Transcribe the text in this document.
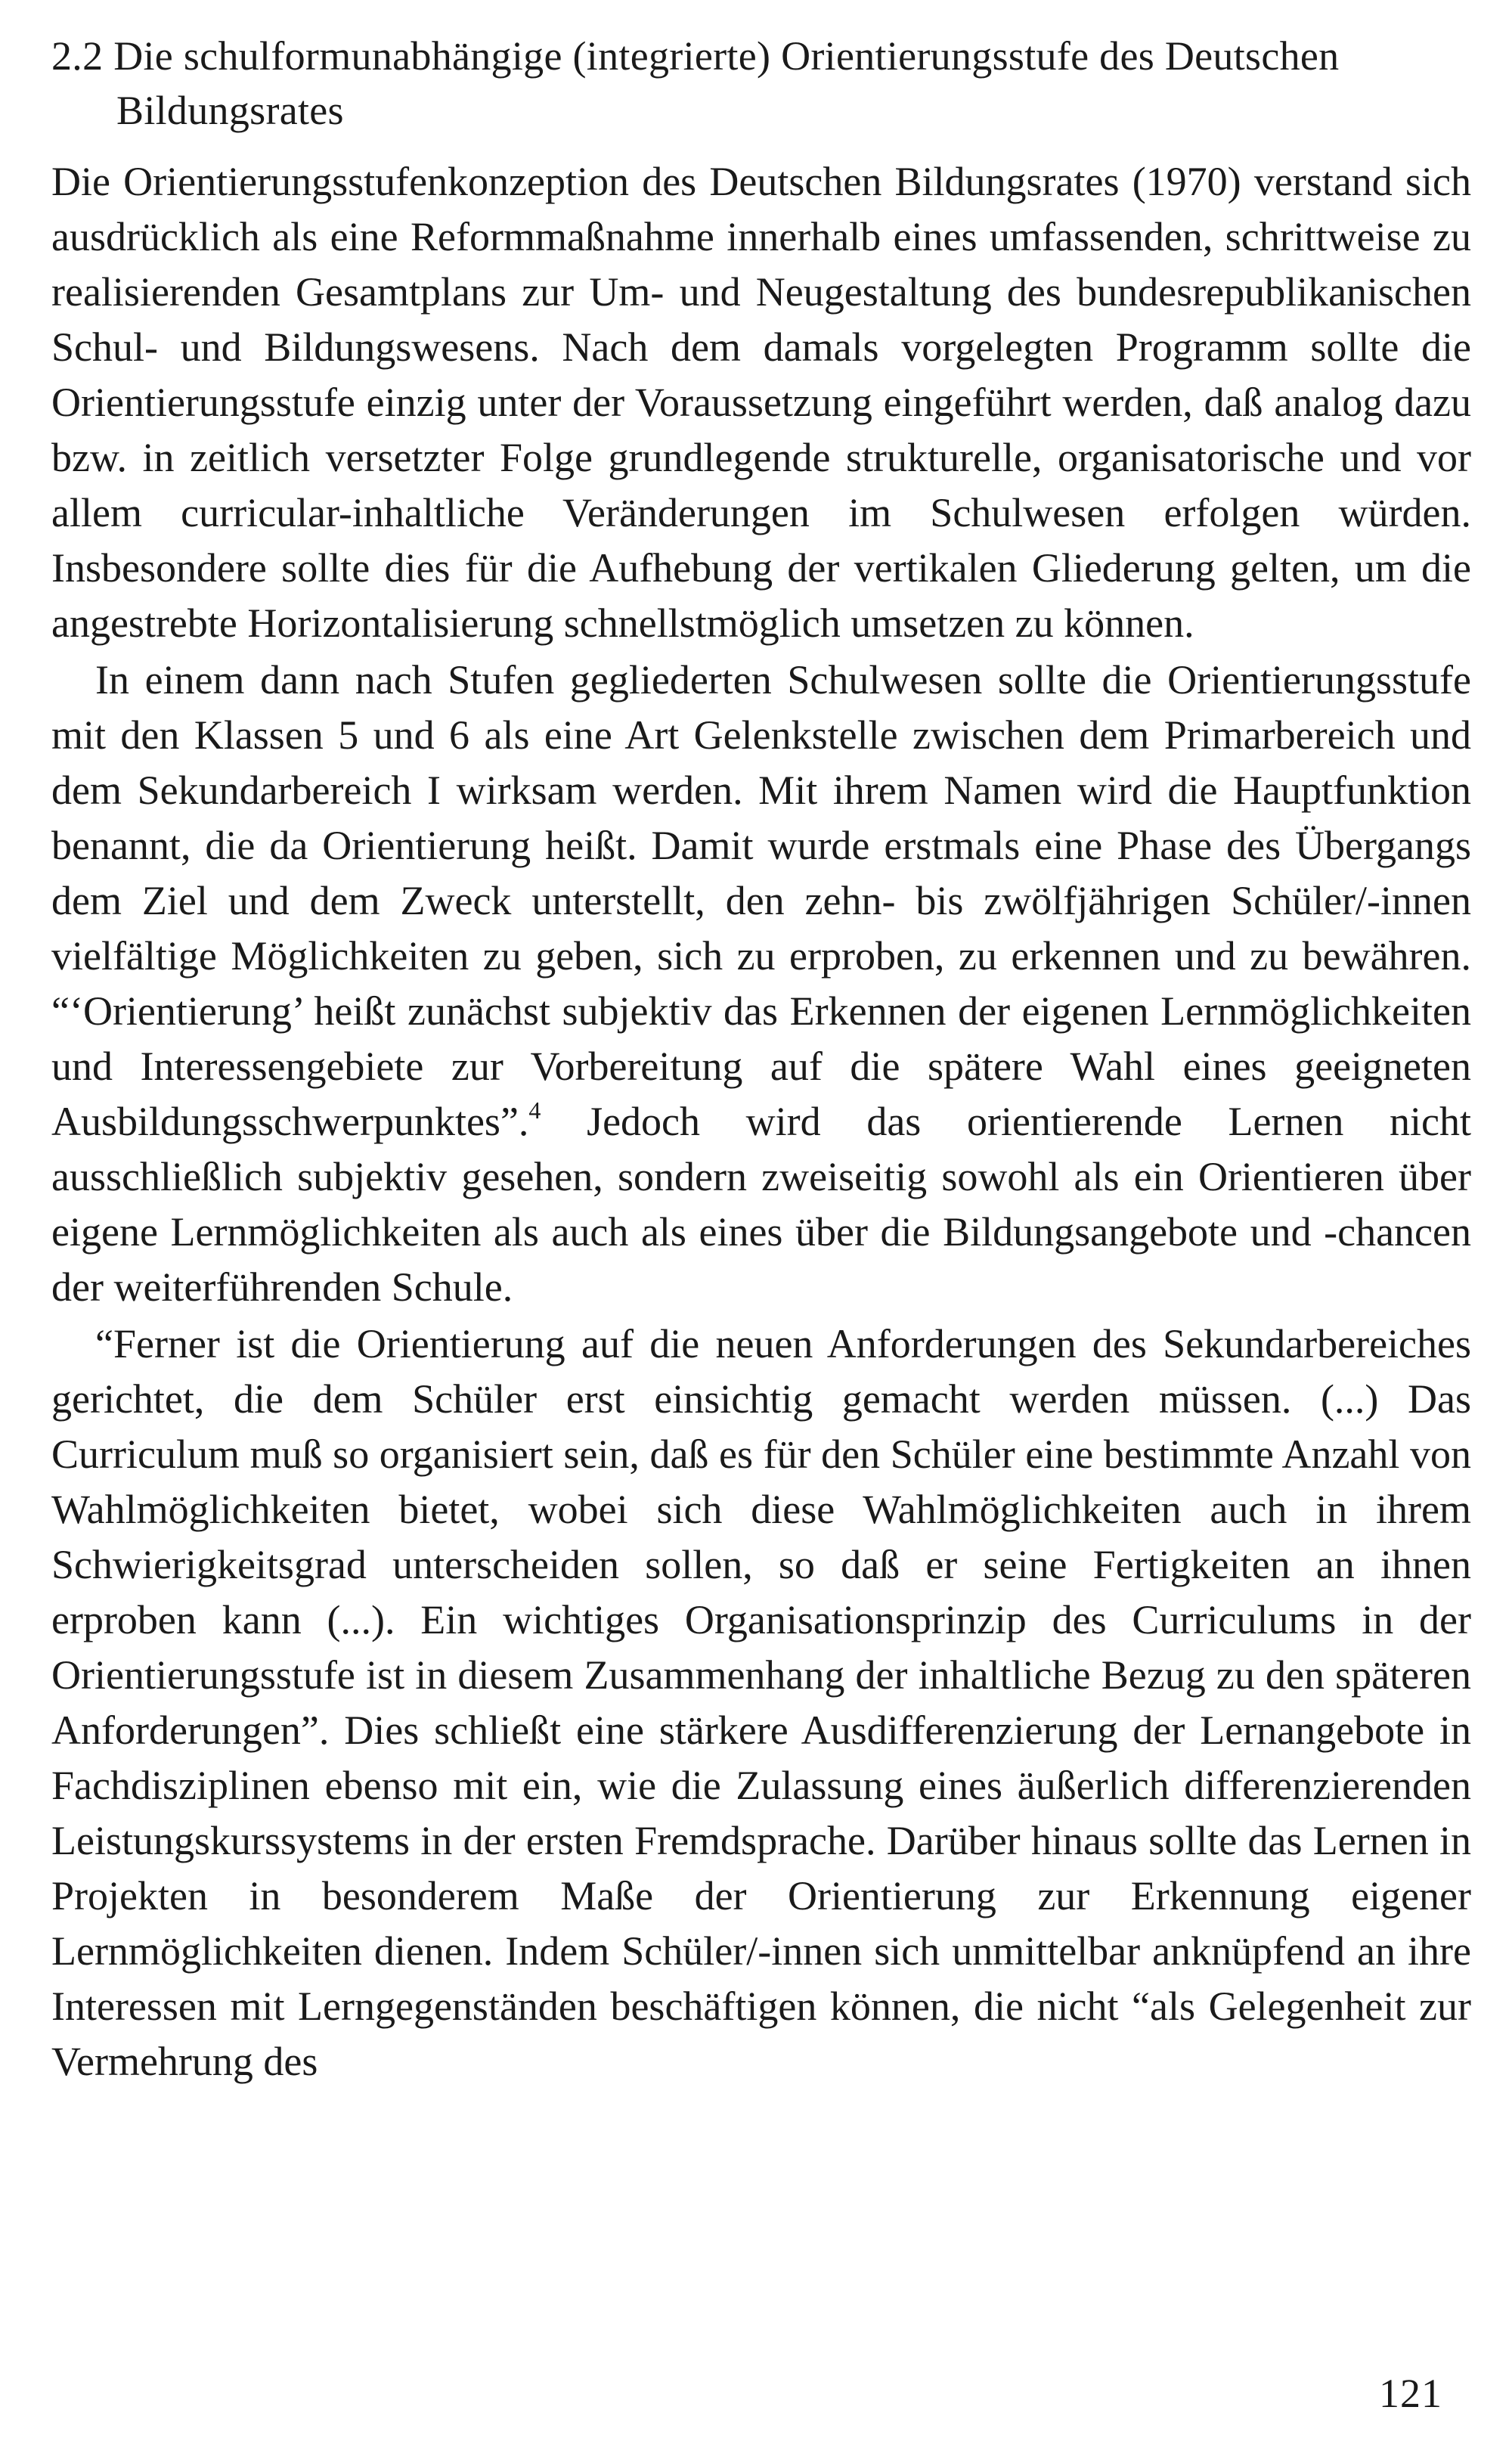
2.2 Die schulformunabhängige (integrierte) Orientierungsstufe des Deutschen Bildungsrates

Die Orientierungsstufenkonzeption des Deutschen Bildungsrates (1970) verstand sich ausdrücklich als eine Reformmaßnahme innerhalb eines umfassenden, schrittweise zu realisierenden Gesamtplans zur Um- und Neugestaltung des bundesrepublikanischen Schul- und Bildungswesens. Nach dem damals vorgelegten Programm sollte die Orientierungsstufe einzig unter der Voraussetzung eingeführt werden, daß analog dazu bzw. in zeitlich versetzter Folge grundlegende strukturelle, organisatorische und vor allem curricular-inhaltliche Veränderungen im Schulwesen erfolgen würden. Insbesondere sollte dies für die Aufhebung der vertikalen Gliederung gelten, um die angestrebte Horizontalisierung schnellstmöglich umsetzen zu können.

In einem dann nach Stufen gegliederten Schulwesen sollte die Orientierungsstufe mit den Klassen 5 und 6 als eine Art Gelenkstelle zwischen dem Primarbereich und dem Sekundarbereich I wirksam werden. Mit ihrem Namen wird die Hauptfunktion benannt, die da Orientierung heißt. Damit wurde erstmals eine Phase des Übergangs dem Ziel und dem Zweck unterstellt, den zehn- bis zwölfjährigen Schüler/-innen vielfältige Möglichkeiten zu geben, sich zu erproben, zu erkennen und zu bewähren. “‘Orientierung’ heißt zunächst subjektiv das Erkennen der eigenen Lernmöglichkeiten und Interessengebiete zur Vorbereitung auf die spätere Wahl eines geeigneten Ausbildungsschwerpunktes”.$^4$ Jedoch wird das orientierende Lernen nicht ausschließlich subjektiv gesehen, sondern zweiseitig sowohl als ein Orientieren über eigene Lernmöglichkeiten als auch als eines über die Bildungsangebote und -chancen der weiterführenden Schule.

“Ferner ist die Orientierung auf die neuen Anforderungen des Sekundarbereiches gerichtet, die dem Schüler erst einsichtig gemacht werden müssen. (...) Das Curriculum muß so organisiert sein, daß es für den Schüler eine bestimmte Anzahl von Wahlmöglichkeiten bietet, wobei sich diese Wahlmöglichkeiten auch in ihrem Schwierigkeitsgrad unterscheiden sollen, so daß er seine Fertigkeiten an ihnen erproben kann (...). Ein wichtiges Organisationsprinzip des Curriculums in der Orientierungsstufe ist in diesem Zusammenhang der inhaltliche Bezug zu den späteren Anforderungen”. Dies schließt eine stärkere Ausdifferenzierung der Lernangebote in Fachdisziplinen ebenso mit ein, wie die Zulassung eines äußerlich differenzierenden Leistungskurssystems in der ersten Fremdsprache. Darüber hinaus sollte das Lernen in Projekten in besonderem Maße der Orientierung zur Erkennung eigener Lernmöglichkeiten dienen. Indem Schüler/-innen sich unmittelbar anknüpfend an ihre Interessen mit Lerngegenständen beschäftigen können, die nicht “als Gelegenheit zur Vermehrung des

121
